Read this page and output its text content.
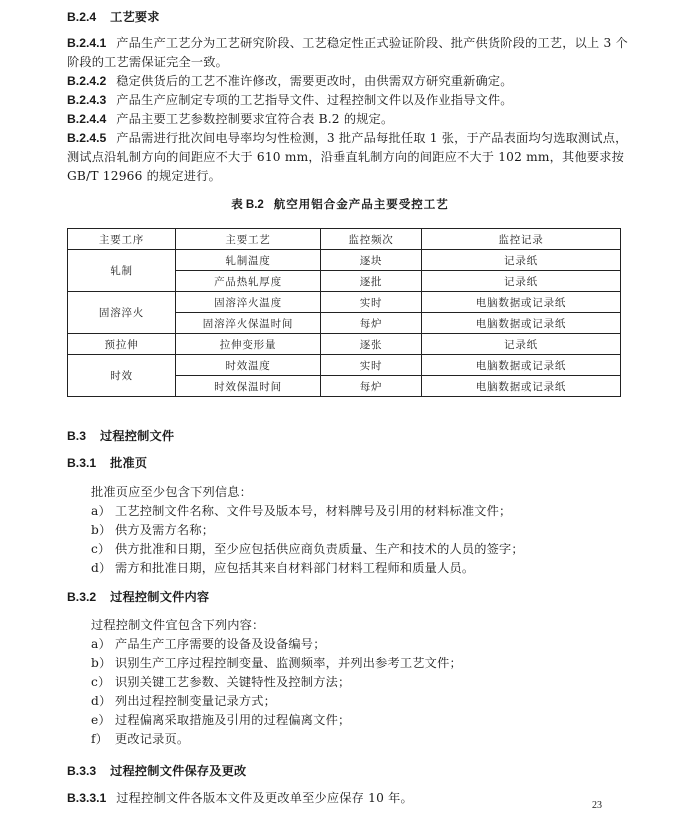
B.2.4 工艺要求
B.2.4.1 产品生产工艺分为工艺研究阶段、工艺稳定性正式验证阶段、批产供货阶段的工艺，以上 3 个
阶段的工艺需保证完全一致。
B.2.4.2 稳定供货后的工艺不准许修改，需要更改时，由供需双方研究重新确定。
B.2.4.3 产品生产应制定专项的工艺指导文件、过程控制文件以及作业指导文件。
B.2.4.4 产品主要工艺参数控制要求宜符合表 B.2 的规定。
B.2.4.5 产品需进行批次间电导率均匀性检测，3 批产品每批任取 1 张，于产品表面均匀选取测试点，
测试点沿轧制方向的间距应不大于 610 mm，沿垂直轧制方向的间距应不大于 102 mm，其他要求按
GB/T 12966 的规定进行。
表 B.2 航空用铝合金产品主要受控工艺
主要工序	主要工艺	监控频次	监控记录
轧制	轧制温度	逐块	记录纸
	产品热轧厚度	逐批	记录纸
固溶淬火	固溶淬火温度	实时	电脑数据或记录纸
	固溶淬火保温时间	每炉	电脑数据或记录纸
预拉伸	拉伸变形量	逐张	记录纸
时效	时效温度	实时	电脑数据或记录纸
	时效保温时间	每炉	电脑数据或记录纸
B.3 过程控制文件
B.3.1 批准页
批准页应至少包含下列信息：
a） 工艺控制文件名称、文件号及版本号，材料牌号及引用的材料标准文件；
b） 供方及需方名称；
c） 供方批准和日期，至少应包括供应商负责质量、生产和技术的人员的签字；
d） 需方和批准日期，应包括其来自材料部门材料工程师和质量人员。
B.3.2 过程控制文件内容
过程控制文件宜包含下列内容：
a） 产品生产工序需要的设备及设备编号；
b） 识别生产工序过程控制变量、监测频率，并列出参考工艺文件；
c） 识别关键工艺参数、关键特性及控制方法；
d） 列出过程控制变量记录方式；
e） 过程偏离采取措施及引用的过程偏离文件；
f） 更改记录页。
B.3.3 过程控制文件保存及更改
B.3.3.1 过程控制文件各版本文件及更改单至少应保存 10 年。
23
